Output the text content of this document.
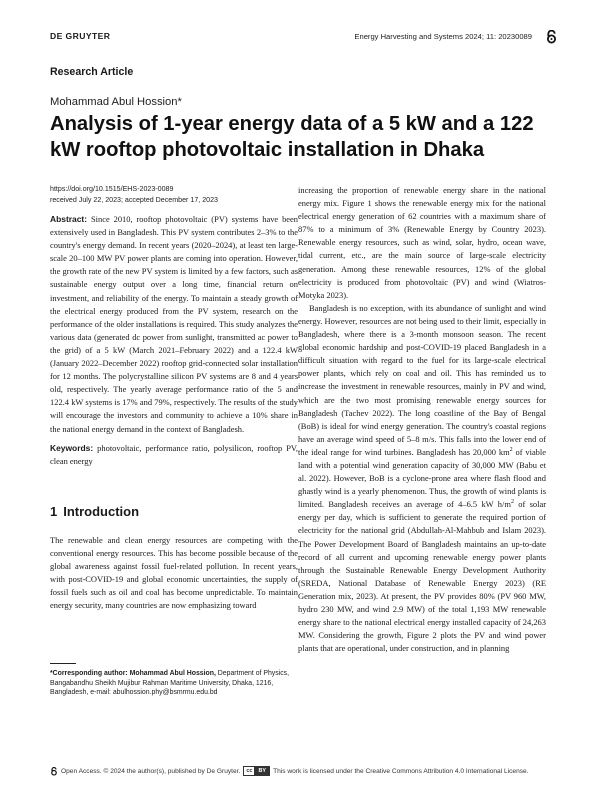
DE GRUYTER	Energy Harvesting and Systems 2024; 11: 20230089
Research Article
Mohammad Abul Hossion*
Analysis of 1-year energy data of a 5 kW and a 122 kW rooftop photovoltaic installation in Dhaka

https://doi.org/10.1515/EHS-2023-0089

received July 22, 2023; accepted December 17, 2023

Abstract: Since 2010, rooftop photovoltaic (PV) systems have been extensively used in Bangladesh. This PV system contributes 2–3% to the country's energy demand. In recent years (2020–2024), at least ten large-scale 20–100 MW PV power plants are coming into operation. However, the growth rate of the new PV system is limited by a few factors, such as sustainable energy output over a long time, financial return on investment, and reliability of the energy. To maintain a steady growth of the electrical energy produced from the PV system, research on the performance of the older installations is required. This study analyzes the various data (generated dc power from sunlight, transmitted ac power to the grid) of a 5 kW (March 2021–February 2022) and a 122.4 kW (January 2022–December 2022) rooftop grid-connected solar installation for 12 months. The polycrystalline silicon PV systems are 8 and 4 years old, respectively. The yearly average performance ratio of the 5 and 122.4 kW systems is 17% and 79%, respectively. The results of the study will encourage the investors and community to achieve a 10% share in the national energy demand in the context of Bangladesh.

Keywords: photovoltaic, performance ratio, polysilicon, rooftop PV, clean energy

1 Introduction

The renewable and clean energy resources are competing with the conventional energy resources. This has become possible because of the global awareness against fossil fuel-related pollution. In recent years, with post-COVID-19 and global economic uncertainties, the supply of fossil fuels such as oil and coal has become unpredictable. To maintain energy security, many countries are now emphasizing toward

increasing the proportion of renewable energy share in the national energy mix. Figure 1 shows the renewable energy mix for the national electrical energy generation of 62 countries with a maximum share of 87% to a minimum of 3% (Renewable Energy by Country 2023). Renewable energy resources, such as wind, solar, hydro, ocean wave, tidal current, etc., are the main source of large-scale electricity generation. Among these renewable resources, 12% of the global electricity is produced from photovoltaic (PV) and wind (Wiatros-Motyka 2023).

Bangladesh is no exception, with its abundance of sunlight and wind energy. However, resources are not being used to their limit, especially in Bangladesh, where there is a 3-month monsoon season. The recent global economic hardship and post-COVID-19 placed Bangladesh in a difficult situation with regard to the fuel for its large-scale electrical power plants, which rely on coal and oil. This has reminded us to increase the investment in renewable resources, mainly in PV and wind, which are the two most promising renewable energy sources for Bangladesh (Tachev 2022). The long coastline of the Bay of Bengal (BoB) is ideal for wind energy generation. The country's coastal regions have an average wind speed of 5–8 m/s. This falls into the lower end of the ideal range for wind turbines. Bangladesh has 20,000 $km^2$ of viable land with a potential wind generation capacity of 30,000 MW (Babu et al. 2022). However, BoB is a cyclone-prone area where flash flood and ghastly wind is a yearly phenomenon. Thus, the growth of wind plants is limited. Bangladesh receives an average of 4–6.5 kW $h/m^2$ of solar energy per day, which is sufficient to generate the required portion of electricity for the national grid (Abdullah-Al-Mahbub and Islam 2023). The Power Development Board of Bangladesh maintains an up-to-date record of all current and upcoming renewable energy power plants through the Sustainable Renewable Energy Development Authority (SREDA, National Database of Renewable Energy 2023) (RE Generation mix, 2023). At present, the PV provides 80% (PV 960 MW, hydro 230 MW, and wind 2.9 MW) of the total 1,193 MW renewable energy share to the national electrical energy installed capacity of 24,263 MW. Considering the growth, Figure 2 plots the PV and wind power plants that are operational, under construction, and in planning

*Corresponding author: Mohammad Abul Hossion, Department of Physics, Bangabandhu Sheikh Mujibur Rahman Maritime University, Dhaka, 1216, Bangladesh, e-mail: abulhossion.phy@bsmrmu.edu.bd

Open Access. © 2024 the author(s), published by De Gruyter.	cc	BY	This work is licensed under the Creative Commons Attribution 4.0 International License.
